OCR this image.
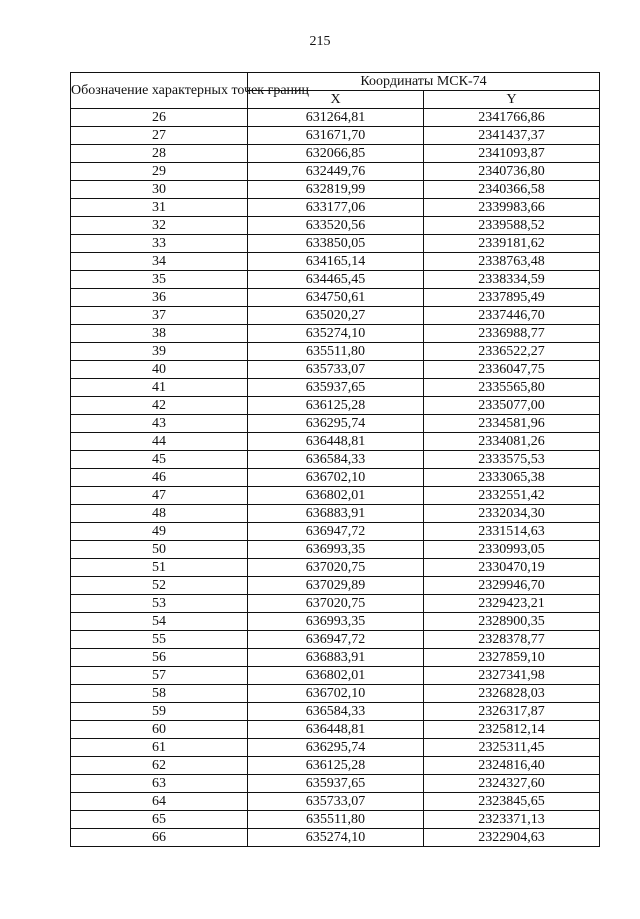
215
Обозначение характерных точек границ	Координаты МСК-74	
	X	Y
26	631264,81	2341766,86
27	631671,70	2341437,37
28	632066,85	2341093,87
29	632449,76	2340736,80
30	632819,99	2340366,58
31	633177,06	2339983,66
32	633520,56	2339588,52
33	633850,05	2339181,62
34	634165,14	2338763,48
35	634465,45	2338334,59
36	634750,61	2337895,49
37	635020,27	2337446,70
38	635274,10	2336988,77
39	635511,80	2336522,27
40	635733,07	2336047,75
41	635937,65	2335565,80
42	636125,28	2335077,00
43	636295,74	2334581,96
44	636448,81	2334081,26
45	636584,33	2333575,53
46	636702,10	2333065,38
47	636802,01	2332551,42
48	636883,91	2332034,30
49	636947,72	2331514,63
50	636993,35	2330993,05
51	637020,75	2330470,19
52	637029,89	2329946,70
53	637020,75	2329423,21
54	636993,35	2328900,35
55	636947,72	2328378,77
56	636883,91	2327859,10
57	636802,01	2327341,98
58	636702,10	2326828,03
59	636584,33	2326317,87
60	636448,81	2325812,14
61	636295,74	2325311,45
62	636125,28	2324816,40
63	635937,65	2324327,60
64	635733,07	2323845,65
65	635511,80	2323371,13
66	635274,10	2322904,63
